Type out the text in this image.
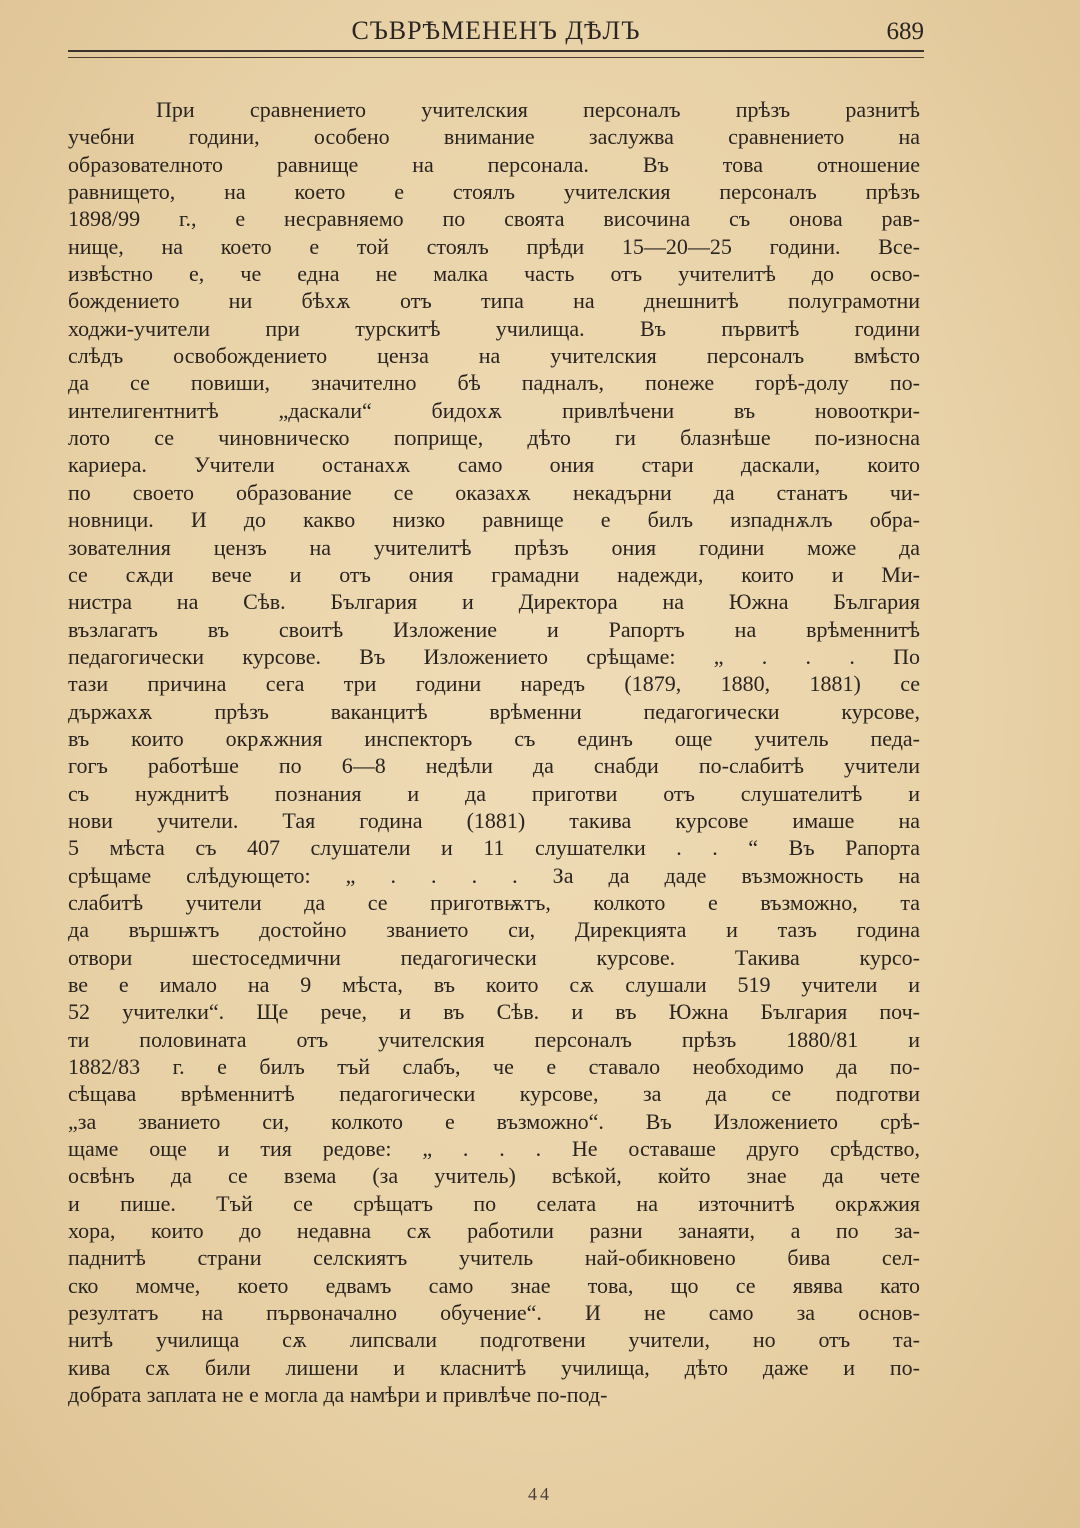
СЪВРѢМЕНЕНЪ ДѢЛЪ	689
При сравнението учителския персоналъ прѣзъ разнитѣ
учебни години, особено внимание заслужва сравнението на
образователното равнище на персонала. Въ това отношение
равнището, на което е стоялъ учителския персоналъ прѣзъ
1898/99 г., е несравняемо по своята височина съ онова рав-
нище, на което е той стоялъ прѣди 15—20—25 години. Все-
извѣстно е, че една не малка часть отъ учителитѣ до осво-
бождението ни бѣхѫ отъ типа на днешнитѣ полуграмотни
ходжи-учители при турскитѣ училища. Въ първитѣ години
слѣдъ освобождението ценза на учителския персоналъ вмѣсто
да се повиши, значително бѣ падналъ, понеже горѣ-долу по-
интелигентнитѣ „даскали“ бидохѫ привлѣчени въ новооткри-
лото се чиновническо поприще, дѣто ги блазнѣше по-износна
кариера. Учители останахѫ само ония стари даскали, които
по своето образование се оказахѫ некадърни да станатъ чи-
новници. И до какво низко равнище е билъ изпаднѫлъ обра-
зователния цензъ на учителитѣ прѣзъ ония години може да
се сѫди вече и отъ ония грамадни надежди, които и Ми-
нистра на Сѣв. България и Директора на Южна България
възлагатъ въ своитѣ Изложение и Рапортъ на врѣменнитѣ
педагогически курсове. Въ Изложението срѣщаме: „ . . . По
тази причина сега три години наредъ (1879, 1880, 1881) се
държахѫ прѣзъ ваканцитѣ врѣменни педагогически курсове,
въ които окрѫжния инспекторъ съ единъ още учитель педа-
гогъ работѣше по 6—8 недѣли да снабди по-слабитѣ учители
съ нужднитѣ познания и да приготви отъ слушателитѣ и
нови учители. Тая година (1881) такива курсове имаше на
5 мѣста съ 407 слушатели и 11 слушателки . . “ Въ Рапорта
срѣщаме слѣдующето: „ . . . . За да даде възможность на
слабитѣ учители да се приготвѭтъ, колкото е възможно, та
да вършѭтъ достойно званието си, Дирекцията и тазъ година
отвори шестоседмични педагогически курсове. Такива курсо-
ве е имало на 9 мѣста, въ които сѫ слушали 519 учители и
52 учителки“. Ще рече, и въ Сѣв. и въ Южна България поч-
ти половината отъ учителския персоналъ прѣзъ 1880/81 и
1882/83 г. е билъ тъй слабъ, че е ставало необходимо да по-
сѣщава врѣменнитѣ педагогически курсове, за да се подготви
„за званието си, колкото е възможно“. Въ Изложението срѣ-
щаме още и тия редове: „ . . . Не оставаше друго срѣдство,
освѣнъ да се взема (за учитель) всѣкой, който знае да чете
и пише. Тъй се срѣщатъ по селата на източнитѣ окрѫжия
хора, които до недавна сѫ работили разни занаяти, а по за-
паднитѣ страни селскиятъ учитель най-обикновено бива сел-
ско момче, което едвамъ само знае това, що се явява като
резултатъ на първоначално обучение“. И не само за основ-
нитѣ училища сѫ липсвали подготвени учители, но отъ та-
кива сѫ били лишени и класнитѣ училища, дѣто даже и по-
добрата заплата не е могла да намѣри и привлѣче по-под-
44
